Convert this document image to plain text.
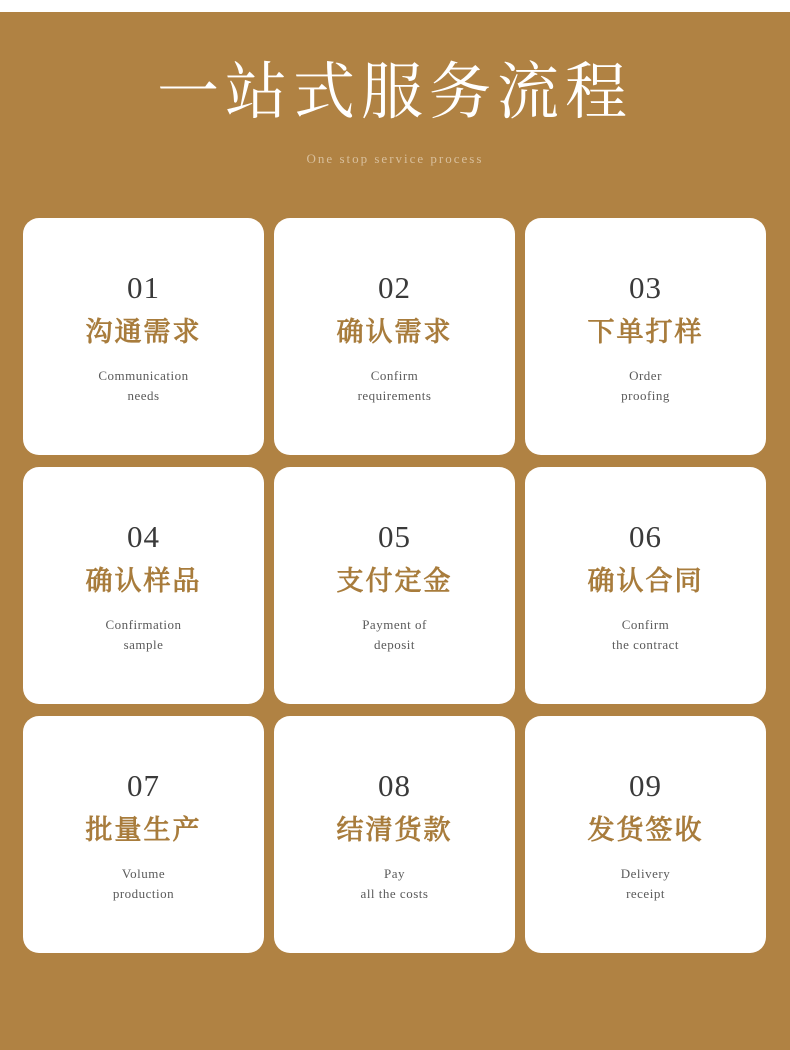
一站式服务流程
One stop service process
01
沟通需求
Communication
needs
02
确认需求
Confirm
requirements
03
下单打样
Order
proofing
04
确认样品
Confirmation
sample
05
支付定金
Payment of
deposit
06
确认合同
Confirm
the contract
07
批量生产
Volume
production
08
结清货款
Pay
all the costs
09
发货签收
Delivery
receipt
